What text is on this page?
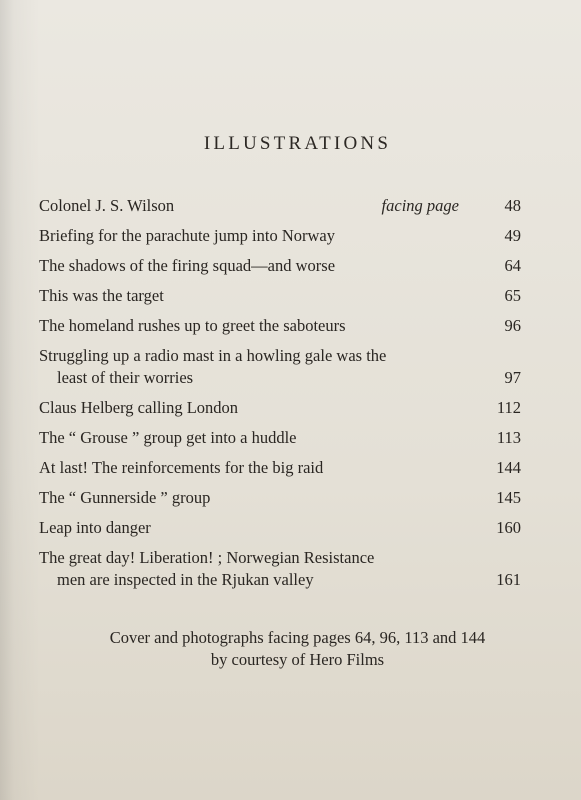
ILLUSTRATIONS
Colonel J. S. Wilson	facing page	48
Briefing for the parachute jump into Norway	49
The shadows of the firing squad—and worse	64
This was the target	65
The homeland rushes up to greet the saboteurs	96
Struggling up a radio mast in a howling gale was the
least of their worries	97
Claus Helberg calling London	112
The “ Grouse ” group get into a huddle	113
At last! The reinforcements for the big raid	144
The “ Gunnerside ” group	145
Leap into danger	160
The great day! Liberation! ; Norwegian Resistance
men are inspected in the Rjukan valley	161
Cover and photographs facing pages 64, 96, 113 and 144
by courtesy of Hero Films
